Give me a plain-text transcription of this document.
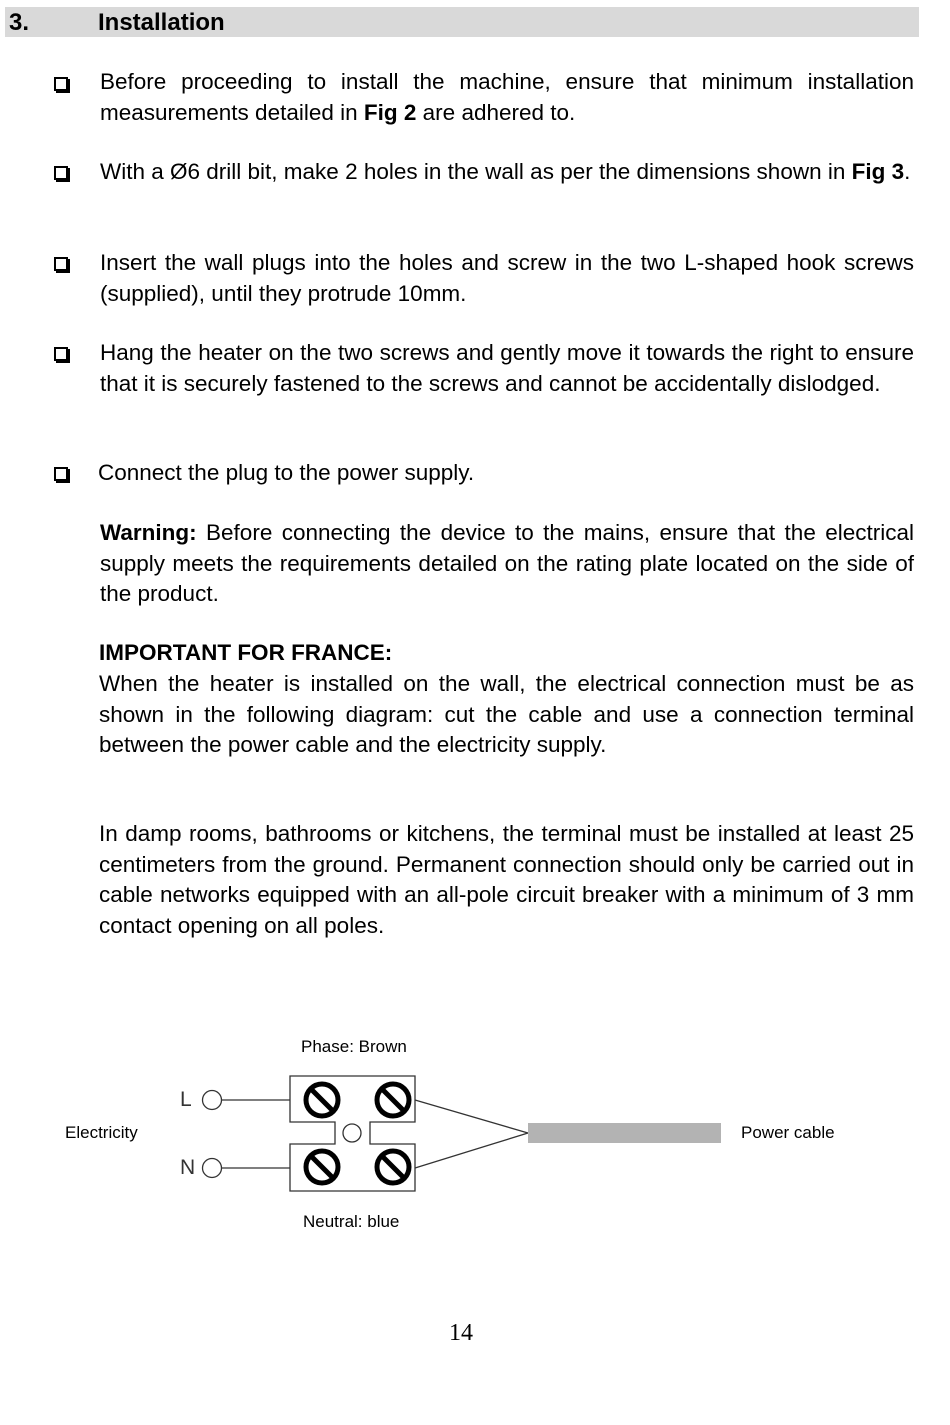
3.	Installation

Before proceeding to install the machine, ensure that minimum installation measurements detailed in Fig 2 are adhered to.

With a Ø6 drill bit, make 2 holes in the wall as per the dimensions shown in Fig 3.

Insert the wall plugs into the holes and screw in the two L-shaped hook screws (supplied), until they protrude 10mm.

Hang the heater on the two screws and gently move it towards the right to ensure that it is securely fastened to the screws and cannot be accidentally dislodged.

Connect the plug to the power supply.

Warning: Before connecting the device to the mains, ensure that the electrical supply meets the requirements detailed on the rating plate located on the side of the product.

IMPORTANT FOR FRANCE:

When the heater is installed on the wall, the electrical connection must be as shown in the following diagram: cut the cable and use a connection terminal between the power cable and the electricity supply.

In damp rooms, bathrooms or kitchens, the terminal must be installed at least 25 centimeters from the ground. Permanent connection should only be carried out in cable networks equipped with an all-pole circuit breaker with a minimum of 3 mm contact opening on all poles.

Phase: Brown
Neutral: blue
Electricity	Power cable
L
N
14
